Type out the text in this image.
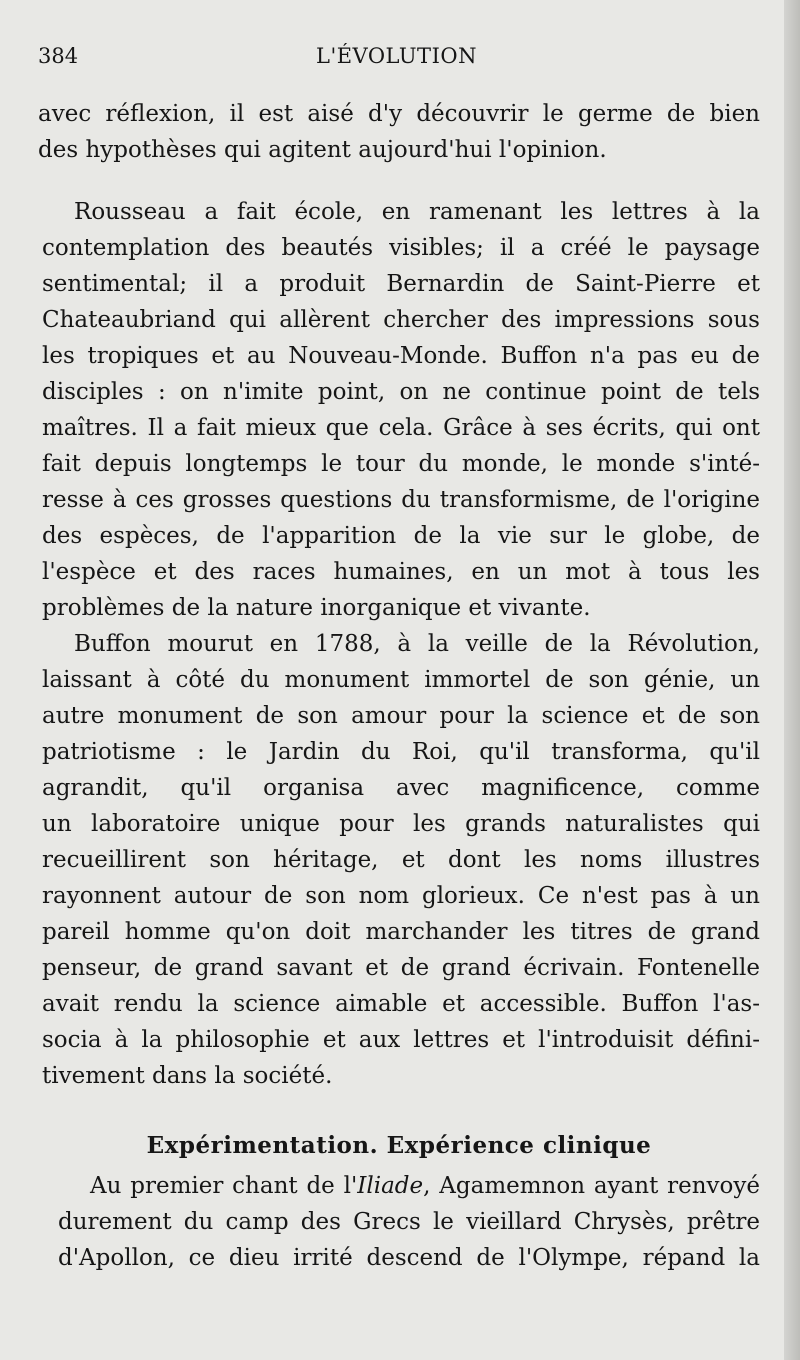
384	L'ÉVOLUTION
avec réflexion, il est aisé d'y découvrir le germe de bien
des hypothèses qui agitent aujourd'hui l'opinion.
Rousseau a fait école, en ramenant les lettres à la
contemplation des beautés visibles; il a créé le paysage
sentimental; il a produit Bernardin de Saint-Pierre et
Chateaubriand qui allèrent chercher des impressions sous
les tropiques et au Nouveau-Monde. Buffon n'a pas eu de
disciples : on n'imite point, on ne continue point de tels
maîtres. Il a fait mieux que cela. Grâce à ses écrits, qui ont
fait depuis longtemps le tour du monde, le monde s'inté-
resse à ces grosses questions du transformisme, de l'origine
des espèces, de l'apparition de la vie sur le globe, de
l'espèce et des races humaines, en un mot à tous les
problèmes de la nature inorganique et vivante.
Buffon mourut en 1788, à la veille de la Révolution,
laissant à côté du monument immortel de son génie, un
autre monument de son amour pour la science et de son
patriotisme : le Jardin du Roi, qu'il transforma, qu'il
agrandit, qu'il organisa avec magnificence, comme
un laboratoire unique pour les grands naturalistes qui
recueillirent son héritage, et dont les noms illustres
rayonnent autour de son nom glorieux. Ce n'est pas à un
pareil homme qu'on doit marchander les titres de grand
penseur, de grand savant et de grand écrivain. Fontenelle
avait rendu la science aimable et accessible. Buffon l'as-
socia à la philosophie et aux lettres et l'introduisit défini-
tivement dans la société.
Expérimentation. Expérience clinique
Au premier chant de l'Iliade, Agamemnon ayant renvoyé
durement du camp des Grecs le vieillard Chrysès, prêtre
d'Apollon, ce dieu irrité descend de l'Olympe, répand la
